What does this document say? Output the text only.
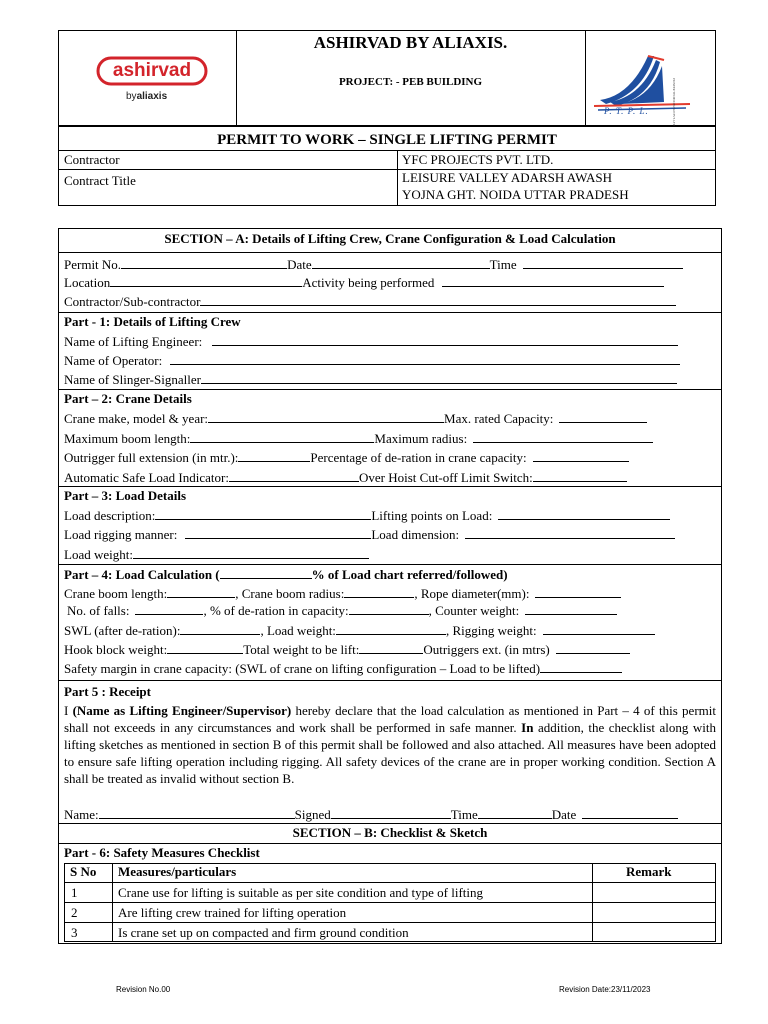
ashirvad
byaliaxis
ASHIRVAD BY ALIAXIS.
PROJECT: - PEB BUILDING
P. T. P. L.	PIONEER TECHNOBUILD PVT. LTD.
PERMIT TO WORK – SINGLE LIFTING PERMIT
Contractor	YFC PROJECTS PVT. LTD.
Contract Title	LEISURE VALLEY ADARSH AWASH
YOJNA GHT. NOIDA UTTAR PRADESH
SECTION – A: Details of Lifting Crew, Crane Configuration & Load Calculation
Permit No.	Date	Time
Location	Activity being performed
Contractor/Sub-contractor
Part - 1: Details of Lifting Crew
Name of Lifting Engineer:
Name of Operator:
Name of Slinger-Signaller
Part – 2: Crane Details
Crane make, model & year:	Max. rated Capacity:
Maximum boom length:	Maximum radius:
Outrigger full extension (in mtr.):	Percentage of de-ration in crane capacity:
Automatic Safe Load Indicator:	Over Hoist Cut-off Limit Switch:
Part – 3: Load Details
Load description:	Lifting points on Load:
Load rigging manner:	Load dimension:
Load weight:
Part – 4: Load Calculation (	% of Load chart referred/followed)
Crane boom length:	, Crane boom radius:	, Rope diameter(mm):
No. of falls:	, % of de-ration in capacity:	, Counter weight:
SWL (after de-ration):	, Load weight:	, Rigging weight:
Hook block weight:	Total weight to be lift:	Outriggers ext. (in mtrs)
Safety margin in crane capacity: (SWL of crane on lifting configuration – Load to be lifted)
Part 5 : Receipt
I (Name as Lifting Engineer/Supervisor) hereby declare that the load calculation as mentioned in Part – 4 of this permit shall not exceeds in any circumstances and work shall be performed in safe manner. In addition, the checklist along with lifting sketches as mentioned in section B of this permit shall be followed and also attached. All measures have been adopted to ensure safe lifting operation including rigging. All safety devices of the crane are in proper working condition. Section A shall be treated as invalid without section B.
Name:	Signed	Time	Date
SECTION – B: Checklist & Sketch
Part - 6: Safety Measures Checklist
S No Measures/particulars	Remark
1	Crane use for lifting is suitable as per site condition and type of lifting
2	Are lifting crew trained for lifting operation
3	Is crane set up on compacted and firm ground condition
Revision No.00	Revision Date:23/11/2023
